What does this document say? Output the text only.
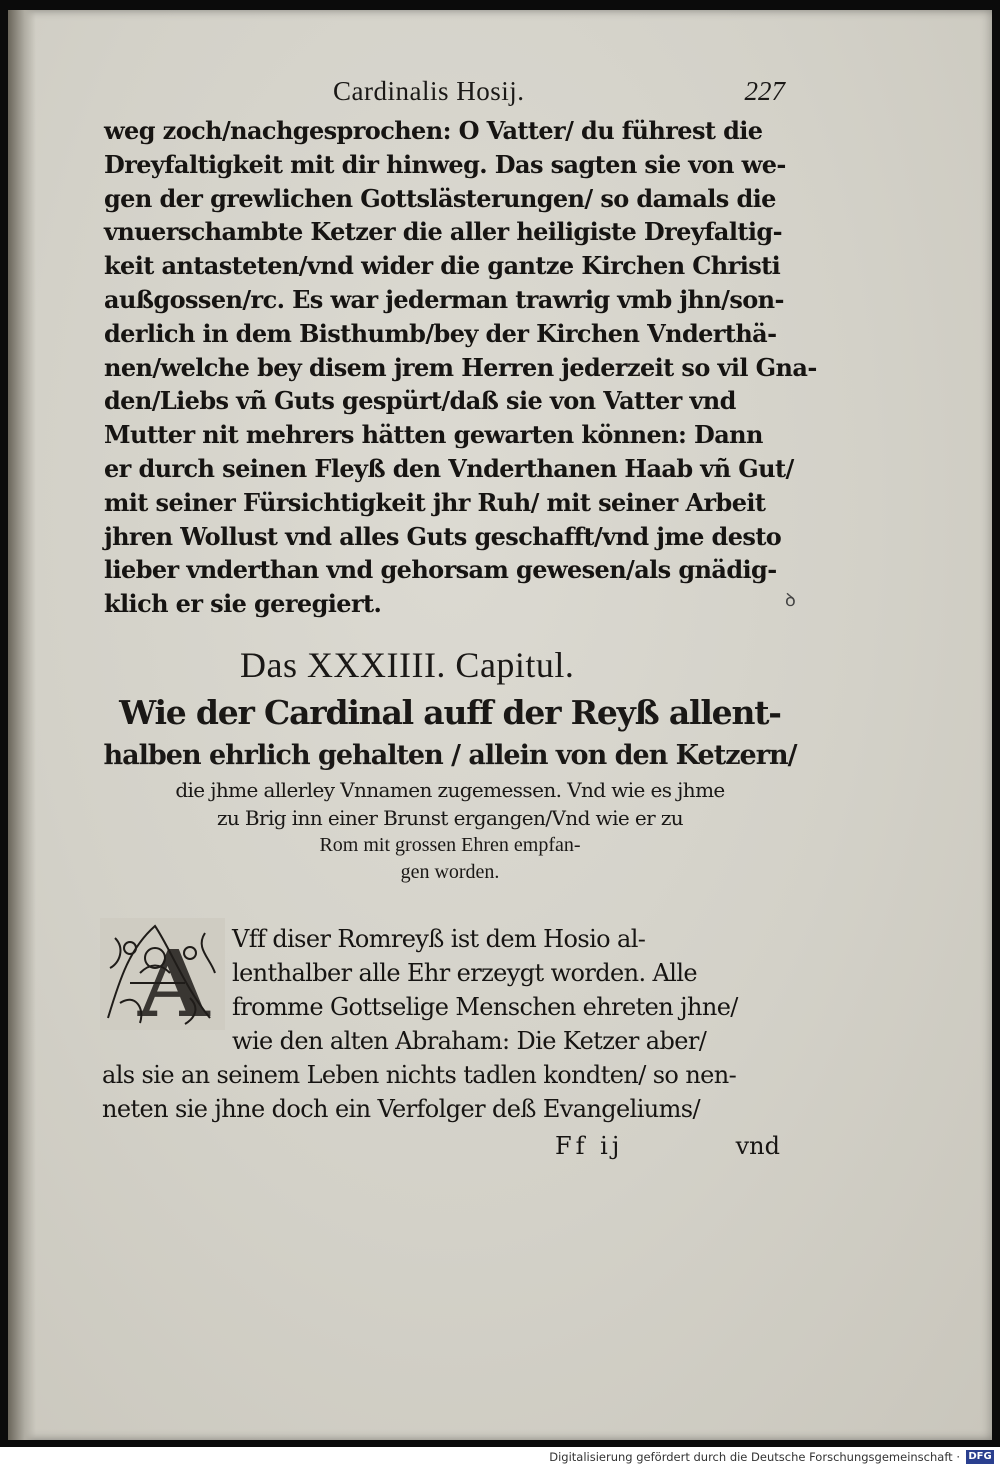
Cardinalis Hosij.	227
weg zoch/nachgesprochen: O Vatter/ du führest die
Dreyfaltigkeit mit dir hinweg. Das sagten sie von we-
gen der grewlichen Gottslästerungen/ so damals die
vnuerschambte Ketzer die aller heiligiste Dreyfaltig-
keit antasteten/vnd wider die gantze Kirchen Christi
außgossen/rc. Es war jederman trawrig vmb jhn/son-
derlich in dem Bisthumb/bey der Kirchen Vnderthä-
nen/welche bey disem jrem Herren jederzeit so vil Gna-
den/Liebs vñ Guts gespürt/daß sie von Vatter vnd
Mutter nit mehrers hätten gewarten können: Dann
er durch seinen Fleyß den Vnderthanen Haab vñ Gut/
mit seiner Fürsichtigkeit jhr Ruh/ mit seiner Arbeit
jhren Wollust vnd alles Guts geschafft/vnd jme desto
lieber vnderthan vnd gehorsam gewesen/als gnädig-
klich er sie geregiert.	ꝺ
Das XXXIIII. Capitul.
Wie der Cardinal auff der Reyß allent-
halben ehrlich gehalten / allein von den Ketzern/
die jhme allerley Vnnamen zugemessen. Vnd wie es jhme
zu Brig inn einer Brunst ergangen/Vnd wie er zu
Rom mit grossen Ehren empfan-
gen worden.
A Vff diser Romreyß ist dem Hosio al-
lenthalber alle Ehr erzeygt worden. Alle
fromme Gottselige Menschen ehreten jhne/
wie den alten Abraham: Die Ketzer aber/
als sie an seinem Leben nichts tadlen kondten/ so nen-
neten sie jhne doch ein Verfolger deß Evangeliums/
Ff ij	vnd
Digitalisierung gefördert durch die Deutsche Forschungsgemeinschaft · DFG
